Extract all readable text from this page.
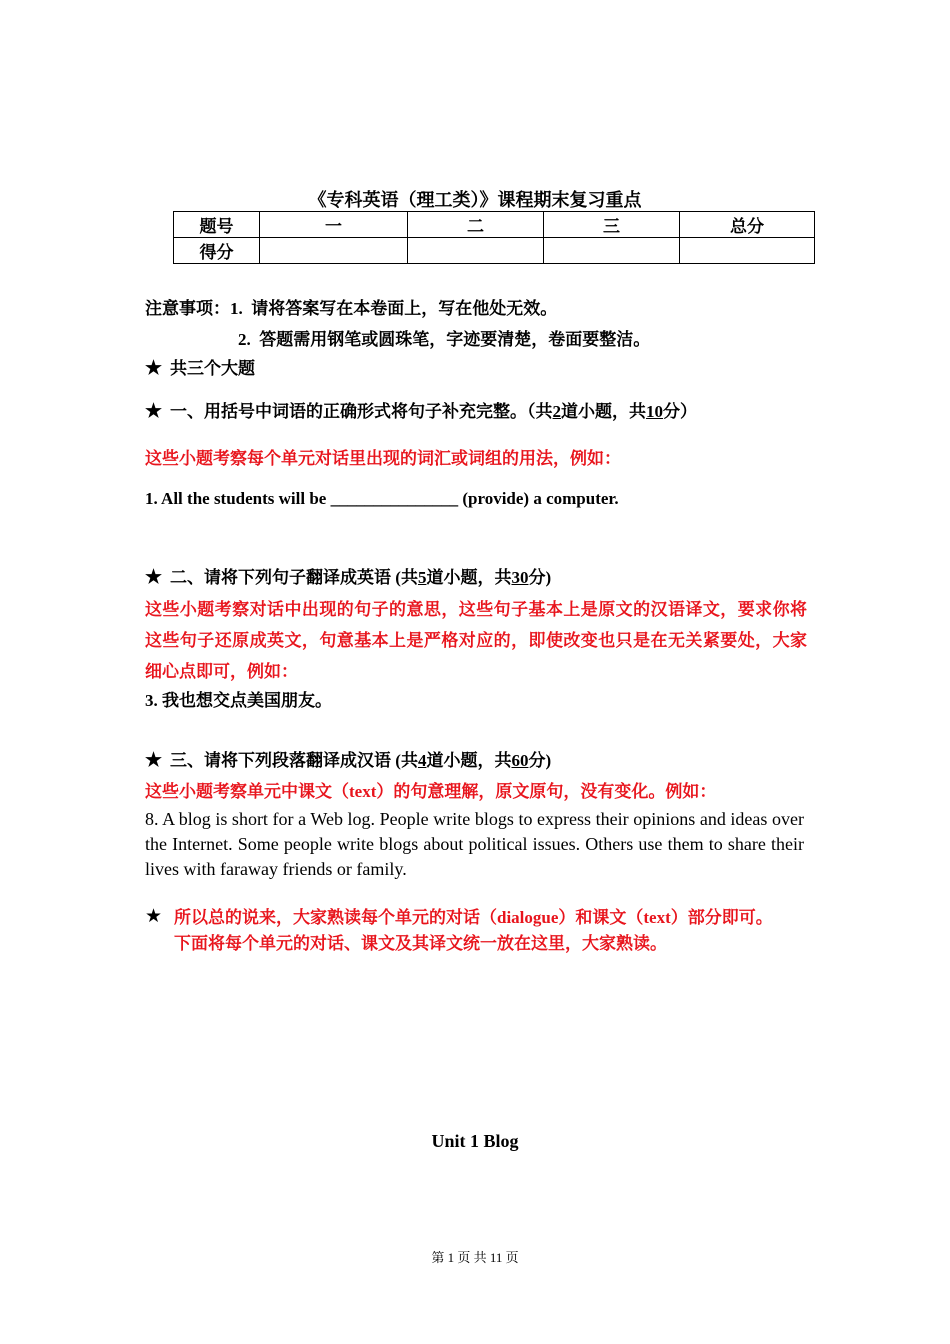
《专科英语（理工类）》课程期末复习重点
题号	一	二	三	总分
得分				
注意事项：1. 请将答案写在本卷面上，写在他处无效。
2. 答题需用钢笔或圆珠笔，字迹要清楚，卷面要整洁。
★ 共三个大题
★ 一、用括号中词语的正确形式将句子补充完整。（共2道小题，共10分）
这些小题考察每个单元对话里出现的词汇或词组的用法，例如：
1. All the students will be _______________ (provide) a computer.
★ 二、请将下列句子翻译成英语 (共5道小题，共30分)
这些小题考察对话中出现的句子的意思，这些句子基本上是原文的汉语译文，要求你将这些句子还原成英文，句意基本上是严格对应的，即使改变也只是在无关紧要处，大家细心点即可，例如：
3. 我也想交点美国朋友。
★ 三、请将下列段落翻译成汉语 (共4道小题，共60分)
这些小题考察单元中课文（text）的句意理解，原文原句，没有变化。例如：
8. A blog is short for a Web log. People write blogs to express their opinions and ideas over the Internet. Some people write blogs about political issues. Others use them to share their lives with faraway friends or family.
★ 所以总的说来，大家熟读每个单元的对话（dialogue）和课文（text）部分即可。
下面将每个单元的对话、课文及其译文统一放在这里，大家熟读。
Unit 1 Blog
第 1 页 共 11 页
